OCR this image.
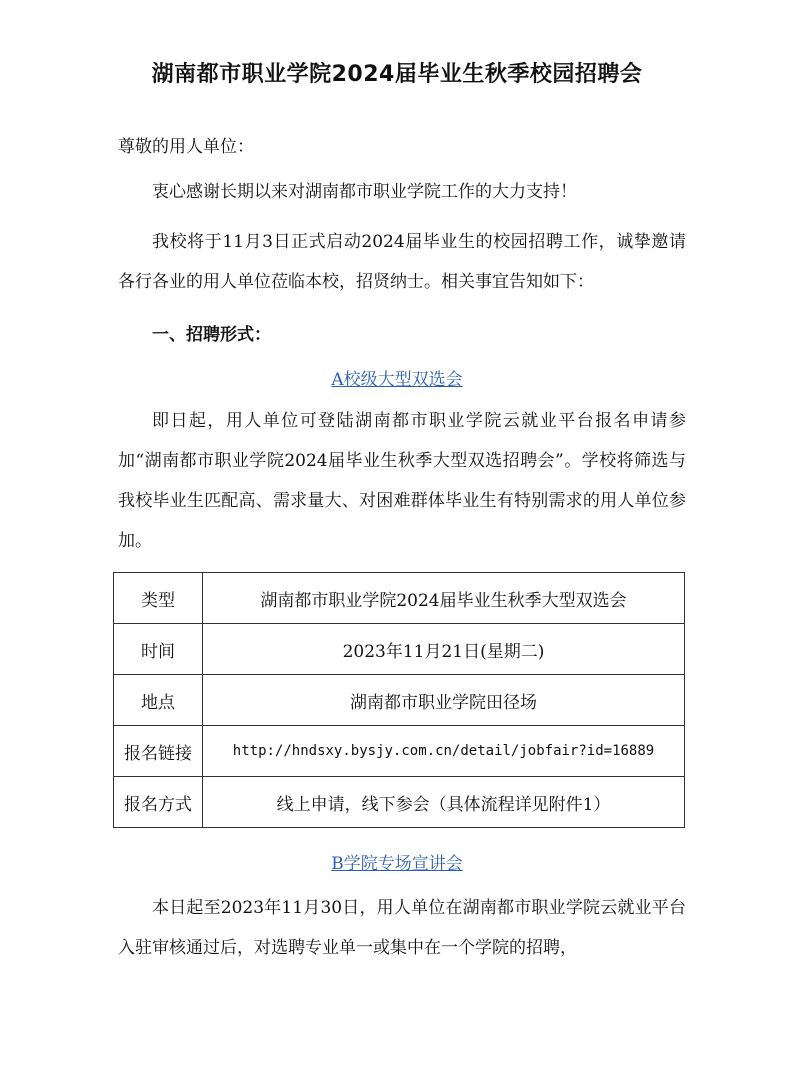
湖南都市职业学院2024届毕业生秋季校园招聘会
尊敬的用人单位：
衷心感谢长期以来对湖南都市职业学院工作的大力支持！
我校将于11月3日正式启动2024届毕业生的校园招聘工作，诚挚邀请各行各业的用人单位莅临本校，招贤纳士。相关事宜告知如下：
一、招聘形式：
A校级大型双选会
即日起，用人单位可登陆湖南都市职业学院云就业平台报名申请参加“湖南都市职业学院2024届毕业生秋季大型双选招聘会”。学校将筛选与我校毕业生匹配高、需求量大、对困难群体毕业生有特别需求的用人单位参加。
类型	湖南都市职业学院2024届毕业生秋季大型双选会
时间	2023年11月21日(星期二)
地点	湖南都市职业学院田径场
报名链接	http://hndsxy.bysjy.com.cn/detail/jobfair?id=16889
报名方式	线上申请，线下参会（具体流程详见附件1）
B学院专场宣讲会
本日起至2023年11月30日，用人单位在湖南都市职业学院云就业平台入驻审核通过后，对选聘专业单一或集中在一个学院的招聘，
